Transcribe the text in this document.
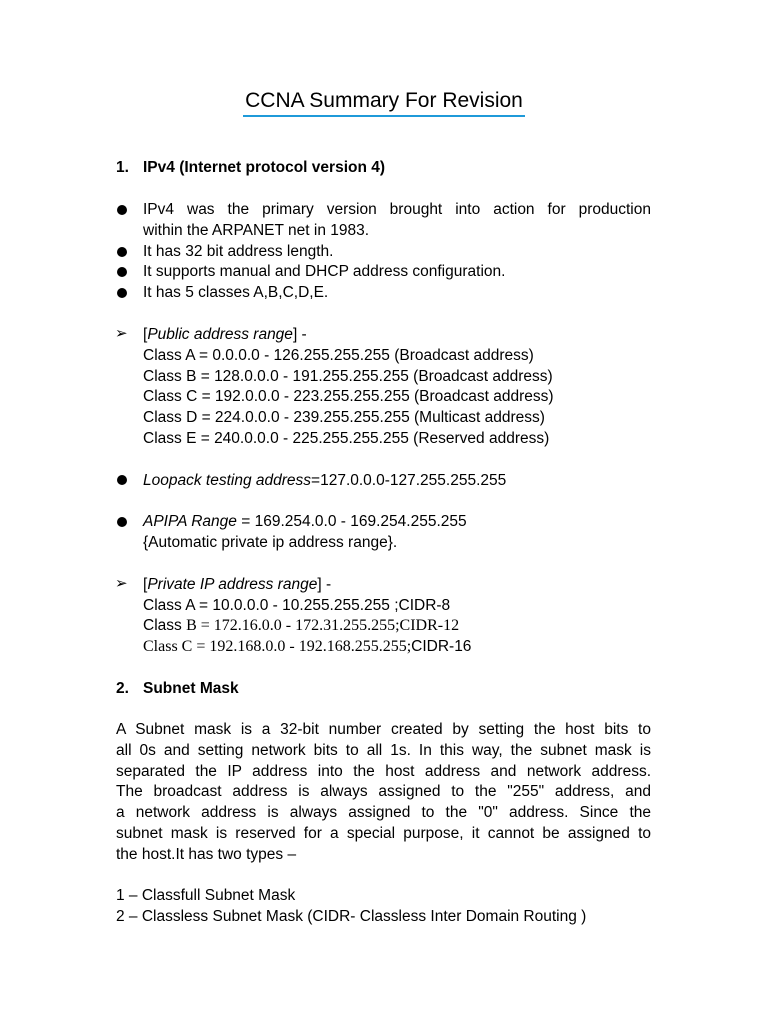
CCNA Summary For Revision
1. IPv4 (Internet protocol version 4)
IPv4 was the primary version brought into action for production
within the ARPANET net in 1983.
It has 32 bit address length.
It supports manual and DHCP address configuration.
It has 5 classes A,B,C,D,E.
➢ [Public address range] -
Class A = 0.0.0.0 - 126.255.255.255 (Broadcast address)
Class B = 128.0.0.0 - 191.255.255.255 (Broadcast address)
Class C = 192.0.0.0 - 223.255.255.255 (Broadcast address)
Class D = 224.0.0.0 - 239.255.255.255 (Multicast address)
Class E = 240.0.0.0 - 225.255.255.255 (Reserved address)
Loopack testing address=127.0.0.0-127.255.255.255
APIPA Range = 169.254.0.0 - 169.254.255.255
{Automatic private ip address range}.
➢ [Private IP address range] -
Class A = 10.0.0.0 - 10.255.255.255 ;CIDR-8
Class B = 172.16.0.0 - 172.31.255.255;CIDR-12
Class C = 192.168.0.0 - 192.168.255.255;CIDR-16
2. Subnet Mask
A Subnet mask is a 32-bit number created by setting the host bits to
all 0s and setting network bits to all 1s. In this way, the subnet mask is
separated the IP address into the host address and network address.
The broadcast address is always assigned to the "255" address, and
a network address is always assigned to the "0" address. Since the
subnet mask is reserved for a special purpose, it cannot be assigned to
the host.It has two types –
1 – Classfull Subnet Mask
2 – Classless Subnet Mask (CIDR- Classless Inter Domain Routing )
